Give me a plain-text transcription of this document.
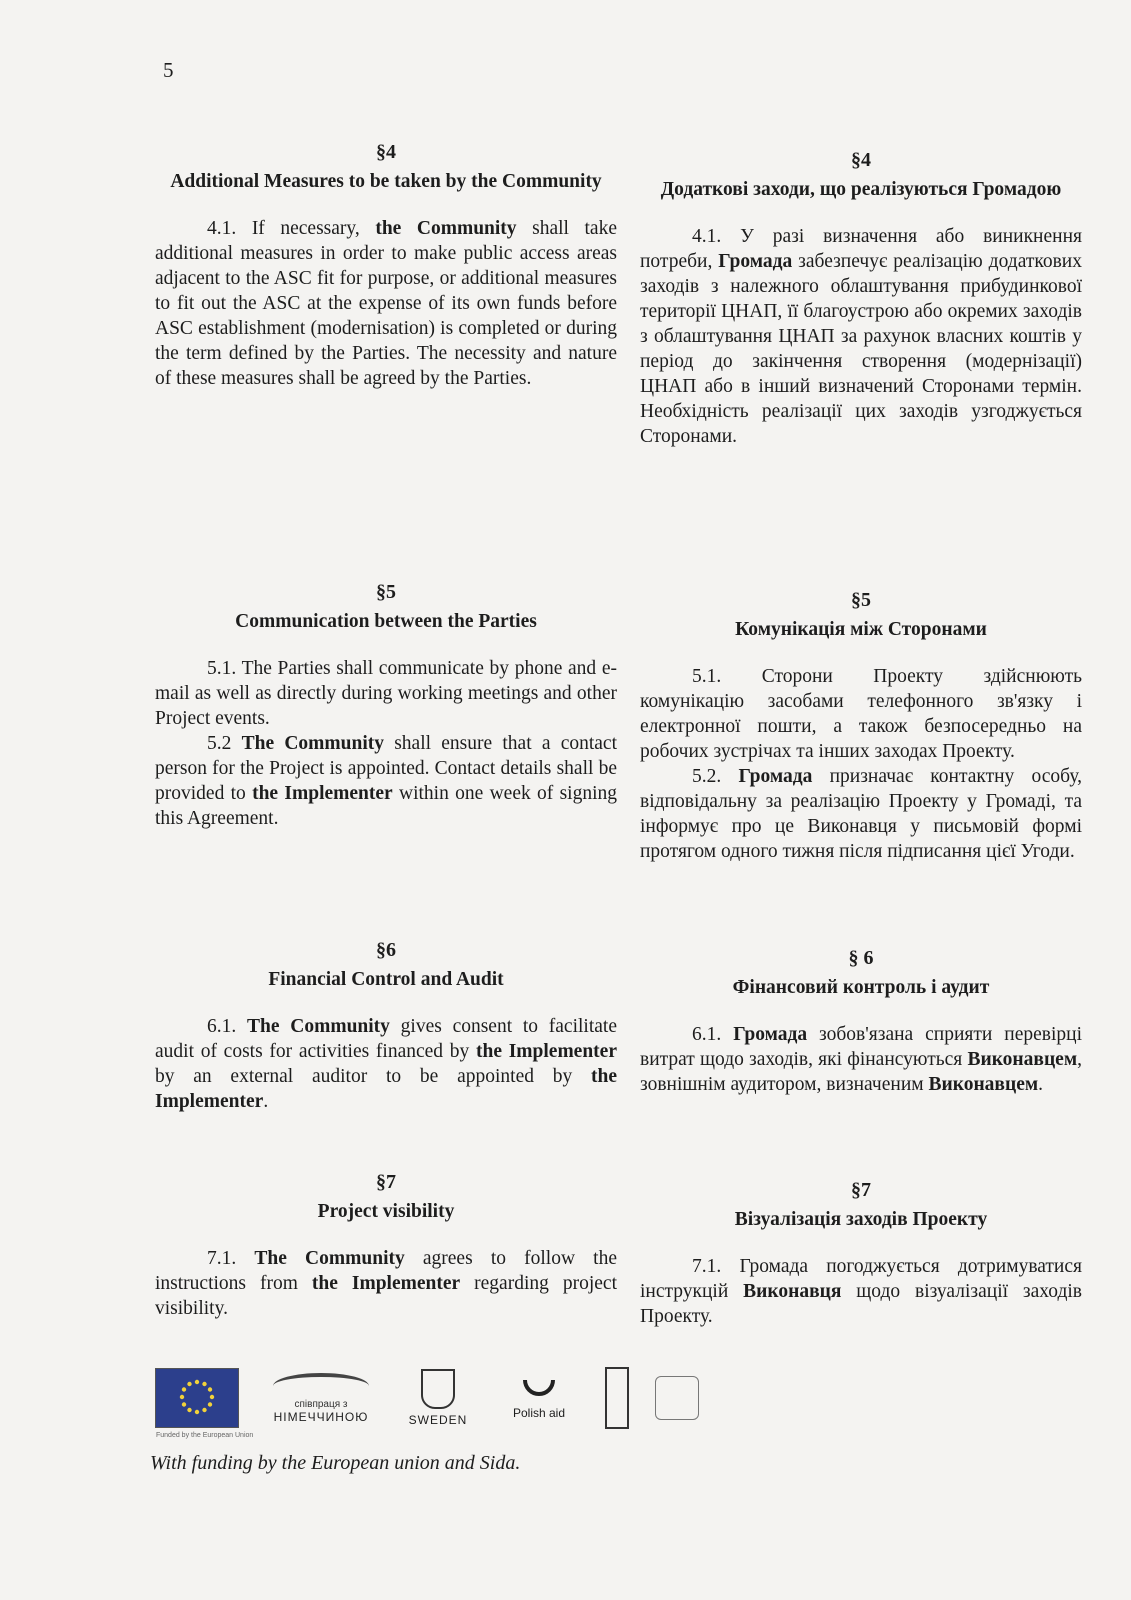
5
§4
Additional Measures to be taken by the Community

4.1. If necessary, the Community shall take additional measures in order to make public access areas adjacent to the ASC fit for purpose, or additional measures to fit out the ASC at the expense of its own funds before ASC establishment (modernisation) is completed or during the term defined by the Parties. The necessity and nature of these measures shall be agreed by the Parties.

§5
Communication between the Parties

5.1. The Parties shall communicate by phone and e-mail as well as directly during working meetings and other Project events.

5.2 The Community shall ensure that a contact person for the Project is appointed. Contact details shall be provided to the Implementer within one week of signing this Agreement.

§6
Financial Control and Audit

6.1. The Community gives consent to facilitate audit of costs for activities financed by the Implementer by an external auditor to be appointed by the Implementer.

§7
Project visibility

7.1. The Community agrees to follow the instructions from the Implementer regarding project visibility.

§4
Додаткові заходи, що реалізуються Громадою

4.1. У разі визначення або виникнення потреби, Громада забезпечує реалізацію додаткових заходів з належного облаштування прибудинкової території ЦНАП, її благоустрою або окремих заходів з облаштування ЦНАП за рахунок власних коштів у період до закінчення створення (модернізації) ЦНАП або в інший визначений Сторонами термін. Необхідність реалізації цих заходів узгоджується Сторонами.

§5
Комунікація між Сторонами

5.1. Сторони Проекту здійснюють комунікацію засобами телефонного зв'язку і електронної пошти, а також безпосередньо на робочих зустрічах та інших заходах Проекту.

5.2. Громада призначає контактну особу, відповідальну за реалізацію Проекту у Громаді, та інформує про це Виконавця у письмовій формі протягом одного тижня після підписання цієї Угоди.

§ 6
Фінансовий контроль і аудит

6.1. Громада зобов'язана сприяти перевірці витрат щодо заходів, які фінансуються Виконавцем, зовнішнім аудитором, визначеним Виконавцем.

§7
Візуалізація заходів Проекту

7.1. Громада погоджується дотримуватися інструкцій Виконавця щодо візуалізації заходів Проекту.

Funded by the European Union
співпраця з
НІМЕЧЧИНОЮ	SWEDEN	Polish aid
With funding by the European union and Sida.
